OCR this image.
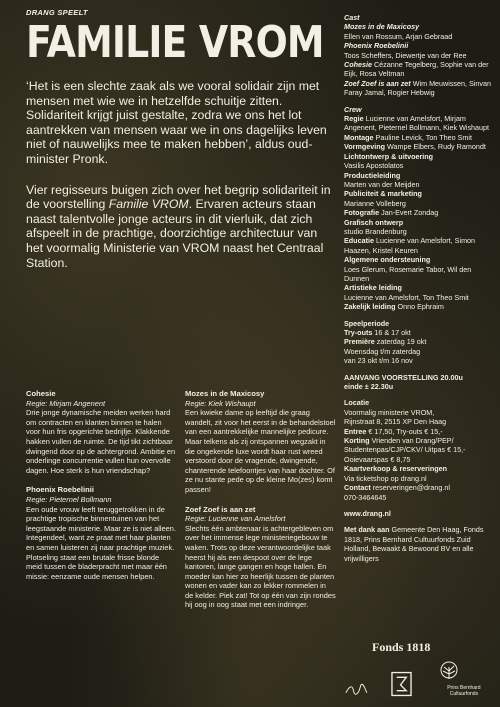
DRANG SPEELT
FAMILIE VROM
‘Het is een slechte zaak als we vooral solidair zijn met mensen met wie we in hetzelfde schuitje zitten. Solidariteit krijgt juist gestalte, zodra we ons het lot aantrekken van mensen waar we in ons dagelijks leven niet of nauwelijks mee te maken hebben’, aldus oud-minister Pronk.
Vier regisseurs buigen zich over het begrip solidariteit in de voorstelling Familie VROM. Ervaren acteurs staan naast talentvolle jonge acteurs in dit vierluik, dat zich afspeelt in de prachtige, doorzichtige architectuur van het voormalig Ministerie van VROM naast het Centraal Station.

Cohesie

Regie: Mirjam Angenent

Drie jonge dynamische meiden werken hard om contracten en klanten binnen te halen voor hun fris opgerichte bedrijfje. Klakkende hakken vullen de ruimte. De tijd tikt zichtbaar dwingend door op de achtergrond. Ambitie en onderlinge concurrentie vullen hun overvolle dagen. Hoe sterk is hun vriendschap?

Phoenix Roebelinii

Regie: Pieternel Bollmann

Een oude vrouw leeft teruggetrokken in de prachtige tropische binnentuinen van het leegstaande ministerie. Maar ze is niet alleen. Integendeel, want ze praat met haar planten en samen luisteren zij naar prachtige muziek. Plotseling staat een brutale frisse blonde meid tussen de bladerpracht met maar één missie: eenzame oude mensen helpen.

Mozes in de Maxicosy

Regie: Kiek Wishaupt

Een kwieke dame op leeftijd die graag wandelt, zit voor het eerst in de behandelstoel van een aantrekkelijke mannelijke pedicure. Maar telkens als zij ontspannen wegzakt in die ongekende luxe wordt haar rust wreed verstoord door de vragende, dwingende, chanterende telefoontjes van haar dochter. Of ze nu stante pede op de kleine Mo(zes) komt passen!

Zoef Zoef is aan zet

Regie: Lucienne van Amelsfort

Slechts één ambtenaar is achtergebleven om over het immense lege ministeriegebouw te waken. Trots op deze verantwoordelijke taak heerst hij als een despoot over de lege kantoren, lange gangen en hoge hallen. En moeder kan hier zo heerlijk tussen de planten wonen en vader kan zo lekker rommelen in de kelder. Piek zat! Tot op één van zijn rondes hij oog in oog staat met een indringer.

Cast

Mozes in de Maxicosy

Ellen van Rossum, Arjan Gebraad

Phoenix Roebelinii

Toos Scheffers, Diewertje van der Ree

Cohesie Cézanne Tegelberg, Sophie van der Eijk, Rosa Veltman

Zoef Zoef is aan zet Wim Meuwissen, Sinvan Faray Jamal, Rogier Hebwig

Crew

Regie Lucienne van Amelsfort, Mirjam Angenent, Pieternel Bollmann, Kiek Wishaupt

Montage Pauline Levick, Ton Theo Smit

Vormgeving Wampe Elbers, Rudy Ramondt

Lichtontwerp & uitvoering

Vasilis Apostolatos

Productieleiding

Marten van der Meijden

Publiciteit & marketing

Marianne Volleberg

Fotografie Jan-Evert Zondag

Grafisch ontwerp

studio Brandenburg

Educatie Lucienne van Amelsfort, Simon Haazen, Kristel Keuren

Algemene ondersteuning

Loes Glerum, Rosemarie Tabor, Wil den Dunnen

Artistieke leiding

Lucienne van Amelsfort, Ton Theo Smit

Zakelijk leiding Onno Ephraim

Speelperiode

Try-outs 16 & 17 okt

Première zaterdag 19 okt

Woensdag t/m zaterdag

van 23 okt t/m 16 nov

AANVANG VOORSTELLING 20.00u

einde ± 22.30u

Locatie

Voormalig ministerie VROM,

Rijnstraat 8, 2515 XP Den Haag

Entree € 17,50, Try-outs € 15,-

Korting Vrienden van Drang/PEP/ Studentenpas/CJP/CKV/ Uitpas € 15,- Ooievaarspas € 8,75

Kaartverkoop & reserveringen

Via ticketshop op drang.nl

Contact reserveringen@drang.nl

070-3464645

www.drang.nl

Met dank aan Gemeente Den Haag, Fonds 1818, Prins Bernhard Cultuurfonds Zuid Holland, Bewaakt & Bewoond BV en alle vrijwilligers

Fonds 1818
Prins Bernhard Cultuurfonds
